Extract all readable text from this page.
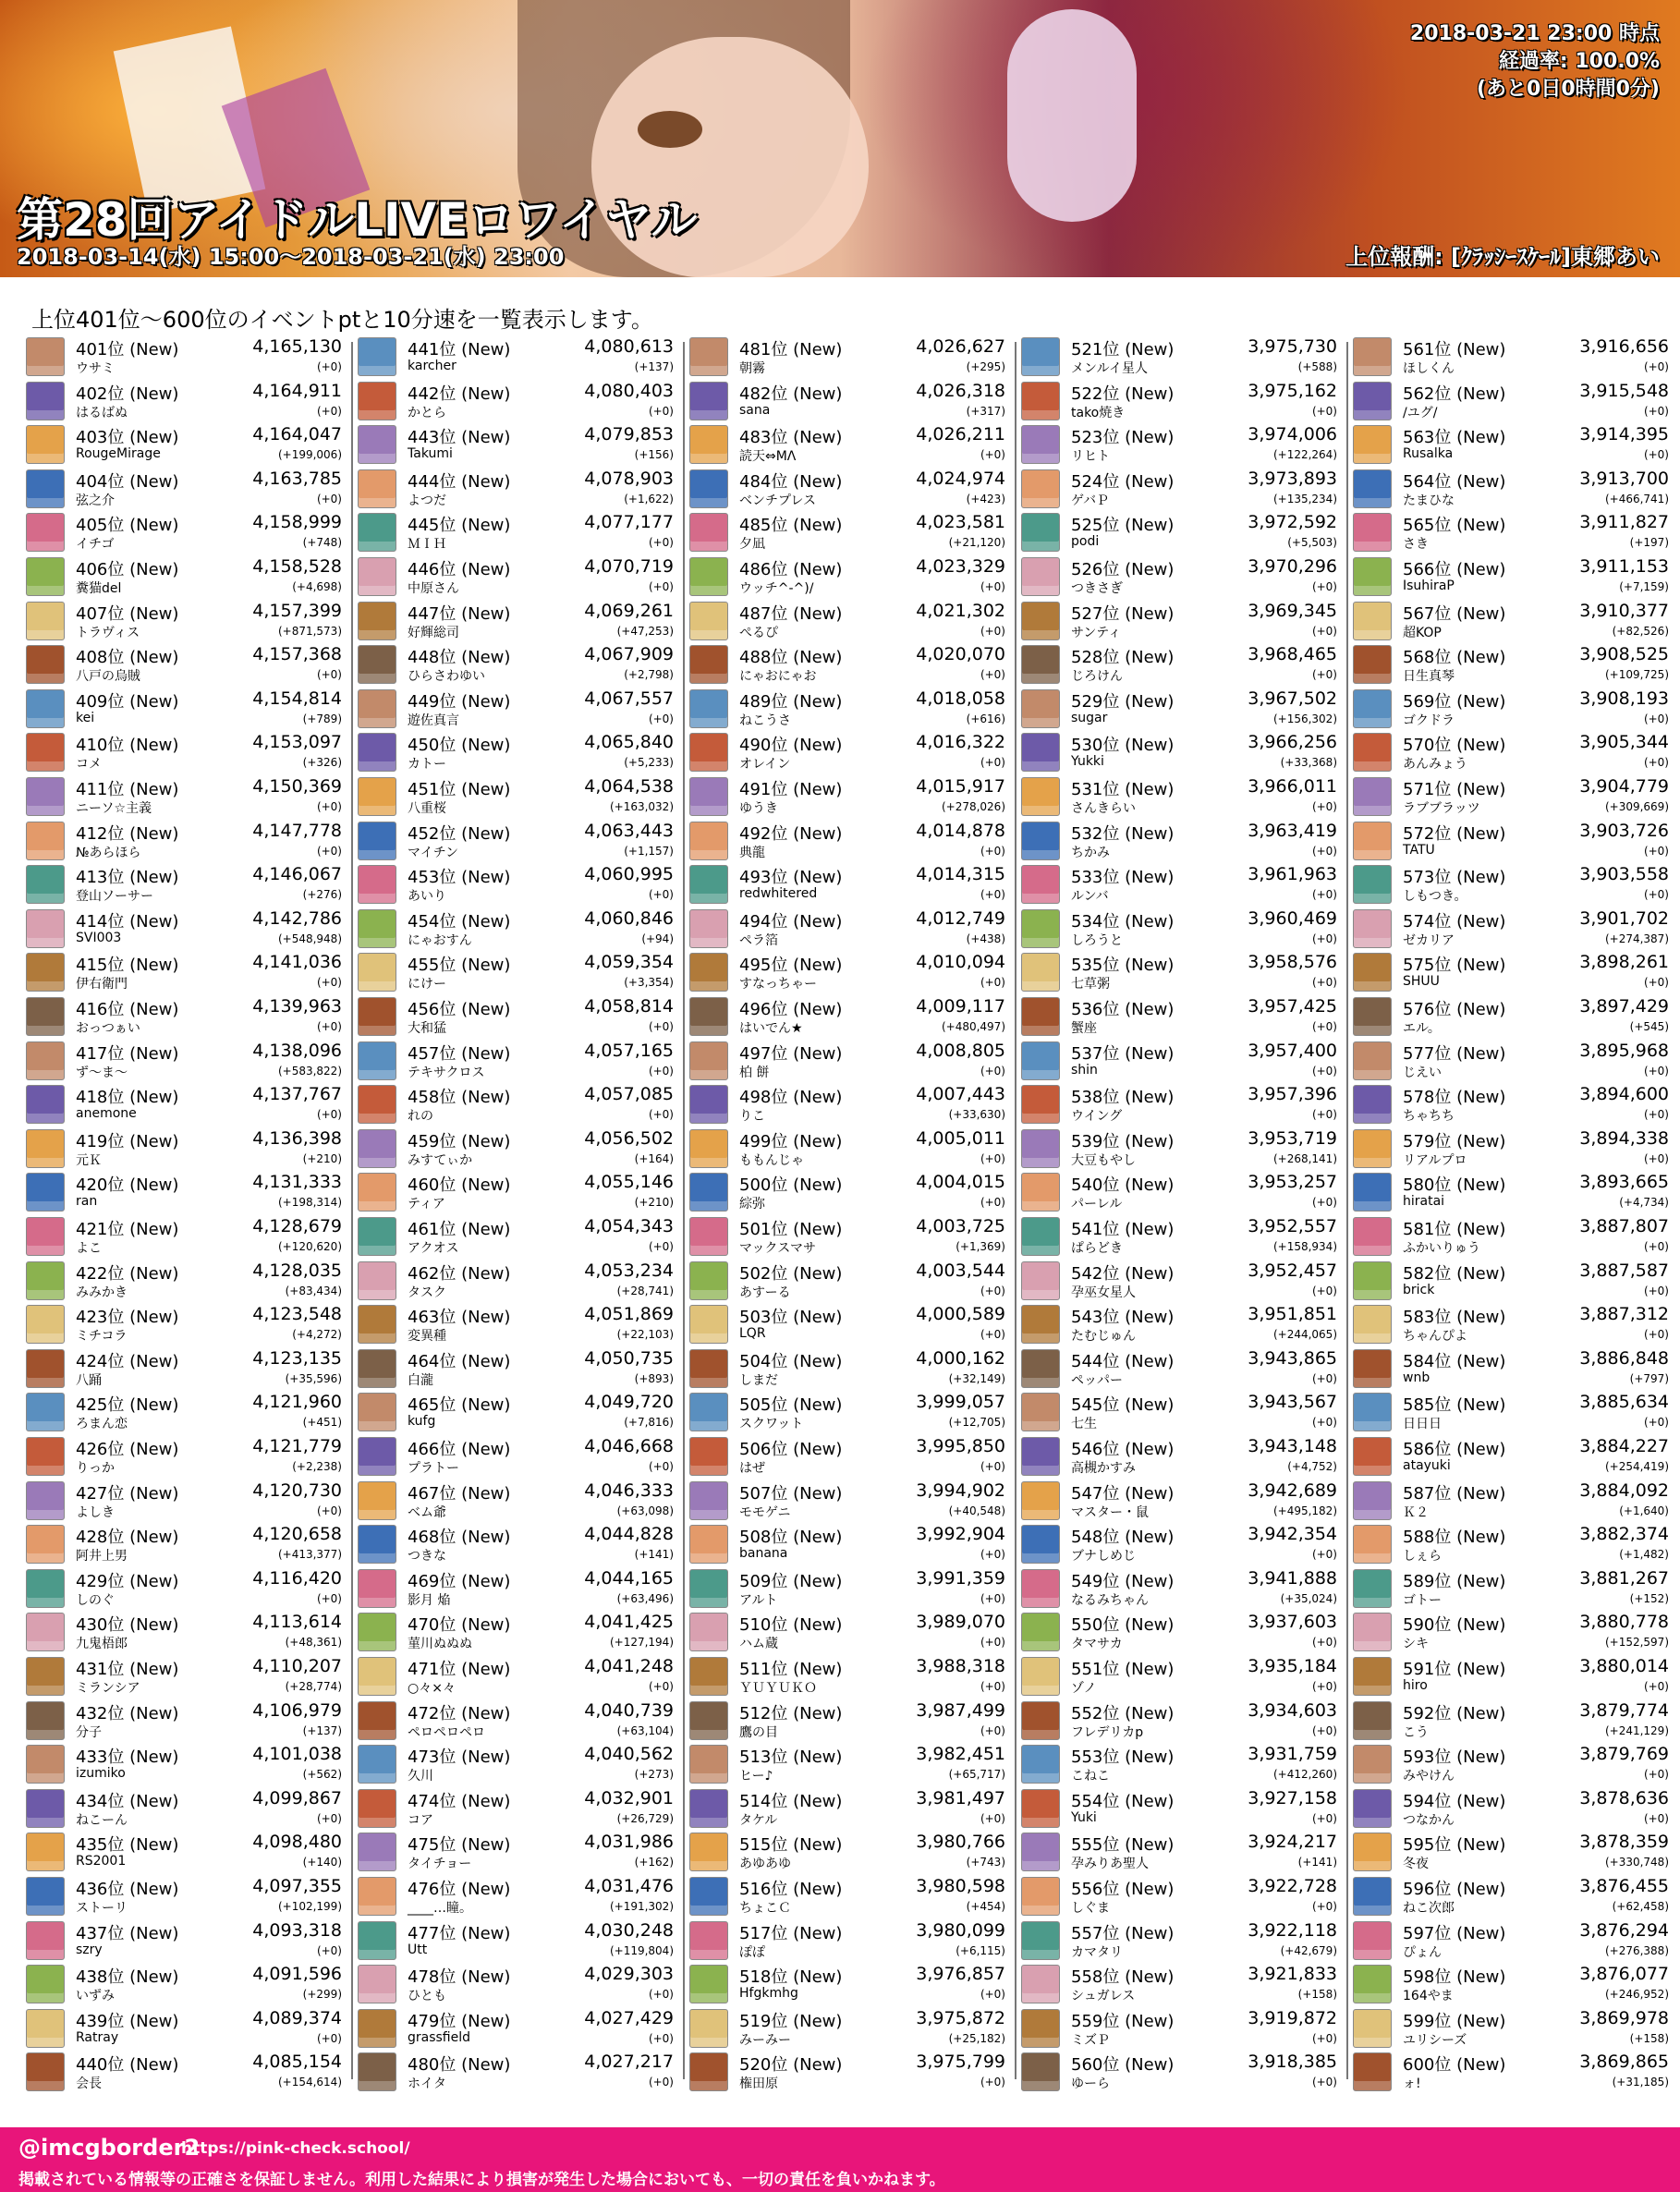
2018-03-21 23:00 時点
経過率: 100.0%
(あと0日0時間0分)
第28回アイドルLIVEロワイヤル
2018-03-14(水) 15:00〜2018-03-21(水) 23:00	上位報酬: [ｸﾗｯｼｰｽｹｰﾙ]東郷あい
上位401位〜600位のイベントptと10分速を一覧表示します。
401位 (New)
ウサミ
4,165,130
(+0)
402位 (New)
はるばぬ
4,164,911
(+0)
403位 (New)
RougeMirage
4,164,047
(+199,006)
404位 (New)
弦之介
4,163,785
(+0)
405位 (New)
イチゴ
4,158,999
(+748)
406位 (New)
糞猫del
4,158,528
(+4,698)
407位 (New)
トラヴィス
4,157,399
(+871,573)
408位 (New)
八戸の烏賊
4,157,368
(+0)
409位 (New)
kei
4,154,814
(+789)
410位 (New)
コメ
4,153,097
(+326)
411位 (New)
ニーソ☆主義
4,150,369
(+0)
412位 (New)
№あらほら
4,147,778
(+0)
413位 (New)
登山ソーサー
4,146,067
(+276)
414位 (New)
SVI003
4,142,786
(+548,948)
415位 (New)
伊右衛門
4,141,036
(+0)
416位 (New)
おっつぁい
4,139,963
(+0)
417位 (New)
ず〜ま〜
4,138,096
(+583,822)
418位 (New)
anemone
4,137,767
(+0)
419位 (New)
元Ｋ
4,136,398
(+210)
420位 (New)
ran
4,131,333
(+198,314)
421位 (New)
よこ
4,128,679
(+120,620)
422位 (New)
みみかき
4,128,035
(+83,434)
423位 (New)
ミチコラ
4,123,548
(+4,272)
424位 (New)
八踊
4,123,135
(+35,596)
425位 (New)
ろまん恋
4,121,960
(+451)
426位 (New)
りっか
4,121,779
(+2,238)
427位 (New)
よしき
4,120,730
(+0)
428位 (New)
阿井上男
4,120,658
(+413,377)
429位 (New)
しのぐ
4,116,420
(+0)
430位 (New)
九鬼梧郎
4,113,614
(+48,361)
431位 (New)
ミランシア
4,110,207
(+28,774)
432位 (New)
分子
4,106,979
(+137)
433位 (New)
izumiko
4,101,038
(+562)
434位 (New)
ねこーん
4,099,867
(+0)
435位 (New)
RS2001
4,098,480
(+140)
436位 (New)
ストーリ
4,097,355
(+102,199)
437位 (New)
szry
4,093,318
(+0)
438位 (New)
いずみ
4,091,596
(+299)
439位 (New)
Ratray
4,089,374
(+0)
440位 (New)
会長
4,085,154
(+154,614)
441位 (New)
karcher
4,080,613
(+137)
442位 (New)
かとら
4,080,403
(+0)
443位 (New)
Takumi
4,079,853
(+156)
444位 (New)
よつだ
4,078,903
(+1,622)
445位 (New)
ＭＩＨ
4,077,177
(+0)
446位 (New)
中原さん
4,070,719
(+0)
447位 (New)
好輝総司
4,069,261
(+47,253)
448位 (New)
ひらさわゆい
4,067,909
(+2,798)
449位 (New)
遊佐真言
4,067,557
(+0)
450位 (New)
カトー
4,065,840
(+5,233)
451位 (New)
八重桜
4,064,538
(+163,032)
452位 (New)
マイチン
4,063,443
(+1,157)
453位 (New)
あいり
4,060,995
(+0)
454位 (New)
にゃおすん
4,060,846
(+94)
455位 (New)
にけー
4,059,354
(+3,354)
456位 (New)
大和猛
4,058,814
(+0)
457位 (New)
テキサクロス
4,057,165
(+0)
458位 (New)
れの
4,057,085
(+0)
459位 (New)
みすてぃか
4,056,502
(+164)
460位 (New)
ティア
4,055,146
(+210)
461位 (New)
アクオス
4,054,343
(+0)
462位 (New)
タスク
4,053,234
(+28,741)
463位 (New)
変異種
4,051,869
(+22,103)
464位 (New)
白瀧
4,050,735
(+893)
465位 (New)
kufg
4,049,720
(+7,816)
466位 (New)
プラトー
4,046,668
(+0)
467位 (New)
ベム爺
4,046,333
(+63,098)
468位 (New)
つきな
4,044,828
(+141)
469位 (New)
影月 焔
4,044,165
(+63,496)
470位 (New)
菫川ぬぬぬ
4,041,425
(+127,194)
471位 (New)
○々×々
4,041,248
(+0)
472位 (New)
ペロペロペロ
4,040,739
(+63,104)
473位 (New)
久川
4,040,562
(+273)
474位 (New)
コア
4,032,901
(+26,729)
475位 (New)
タイチョー
4,031,986
(+162)
476位 (New)
____…瞳。
4,031,476
(+191,302)
477位 (New)
Utt
4,030,248
(+119,804)
478位 (New)
ひとも
4,029,303
(+0)
479位 (New)
grassfield
4,027,429
(+0)
480位 (New)
ホイタ
4,027,217
(+0)
481位 (New)
朝霧
4,026,627
(+295)
482位 (New)
sana
4,026,318
(+317)
483位 (New)
読天⇔MΛ
4,026,211
(+0)
484位 (New)
ベンチプレス
4,024,974
(+423)
485位 (New)
夕凪
4,023,581
(+21,120)
486位 (New)
ウッチ^-^)/
4,023,329
(+0)
487位 (New)
ぺるぴ
4,021,302
(+0)
488位 (New)
にゃおにゃお
4,020,070
(+0)
489位 (New)
ねこうさ
4,018,058
(+616)
490位 (New)
オレイン
4,016,322
(+0)
491位 (New)
ゆうき
4,015,917
(+278,026)
492位 (New)
典龍
4,014,878
(+0)
493位 (New)
redwhitered
4,014,315
(+0)
494位 (New)
ペラ箔
4,012,749
(+438)
495位 (New)
すなっちゃー
4,010,094
(+0)
496位 (New)
はいでん★
4,009,117
(+480,497)
497位 (New)
柏 餅
4,008,805
(+0)
498位 (New)
りこ
4,007,443
(+33,630)
499位 (New)
ももんじゃ
4,005,011
(+0)
500位 (New)
綜弥
4,004,015
(+0)
501位 (New)
マックスマサ
4,003,725
(+1,369)
502位 (New)
あすーる
4,003,544
(+0)
503位 (New)
LQR
4,000,589
(+0)
504位 (New)
しまだ
4,000,162
(+32,149)
505位 (New)
スクワット
3,999,057
(+12,705)
506位 (New)
はぜ
3,995,850
(+0)
507位 (New)
モモゲニ
3,994,902
(+40,548)
508位 (New)
banana
3,992,904
(+0)
509位 (New)
アルト
3,991,359
(+0)
510位 (New)
ハム蔵
3,989,070
(+0)
511位 (New)
ＹＵＹＵＫＯ
3,988,318
(+0)
512位 (New)
鷹の目
3,987,499
(+0)
513位 (New)
ヒー♪
3,982,451
(+65,717)
514位 (New)
タケル
3,981,497
(+0)
515位 (New)
あゆあゆ
3,980,766
(+743)
516位 (New)
ちょこＣ
3,980,598
(+454)
517位 (New)
ぽぽ
3,980,099
(+6,115)
518位 (New)
Hfgkmhg
3,976,857
(+0)
519位 (New)
みーみー
3,975,872
(+25,182)
520位 (New)
権田原
3,975,799
(+0)
521位 (New)
メンルイ星人
3,975,730
(+588)
522位 (New)
tako焼き
3,975,162
(+0)
523位 (New)
リヒト
3,974,006
(+122,264)
524位 (New)
ゲバＰ
3,973,893
(+135,234)
525位 (New)
podi
3,972,592
(+5,503)
526位 (New)
つきさぎ
3,970,296
(+0)
527位 (New)
サンティ
3,969,345
(+0)
528位 (New)
じろけん
3,968,465
(+0)
529位 (New)
sugar
3,967,502
(+156,302)
530位 (New)
Yukki
3,966,256
(+33,368)
531位 (New)
さんきらい
3,966,011
(+0)
532位 (New)
ちかみ
3,963,419
(+0)
533位 (New)
ルンバ
3,961,963
(+0)
534位 (New)
しろうと
3,960,469
(+0)
535位 (New)
七草粥
3,958,576
(+0)
536位 (New)
蟹座
3,957,425
(+0)
537位 (New)
shin
3,957,400
(+0)
538位 (New)
ウイング
3,957,396
(+0)
539位 (New)
大豆もやし
3,953,719
(+268,141)
540位 (New)
パーレル
3,953,257
(+0)
541位 (New)
ぱらどき
3,952,557
(+158,934)
542位 (New)
孕巫女星人
3,952,457
(+0)
543位 (New)
たむじゅん
3,951,851
(+244,065)
544位 (New)
ペッパー
3,943,865
(+0)
545位 (New)
七生
3,943,567
(+0)
546位 (New)
高槻かすみ
3,943,148
(+4,752)
547位 (New)
マスター・鼠
3,942,689
(+495,182)
548位 (New)
ブナしめじ
3,942,354
(+0)
549位 (New)
なるみちゃん
3,941,888
(+35,024)
550位 (New)
タマサカ
3,937,603
(+0)
551位 (New)
ゾノ
3,935,184
(+0)
552位 (New)
フレデリカp
3,934,603
(+0)
553位 (New)
こねこ
3,931,759
(+412,260)
554位 (New)
Yuki
3,927,158
(+0)
555位 (New)
孕みりあ聖人
3,924,217
(+141)
556位 (New)
しぐま
3,922,728
(+0)
557位 (New)
カマタリ
3,922,118
(+42,679)
558位 (New)
シュガレス
3,921,833
(+158)
559位 (New)
ミズＰ
3,919,872
(+0)
560位 (New)
ゆーら
3,918,385
(+0)
561位 (New)
ほしくん
3,916,656
(+0)
562位 (New)
/ユグ/
3,915,548
(+0)
563位 (New)
Rusalka
3,914,395
(+0)
564位 (New)
たまひな
3,913,700
(+466,741)
565位 (New)
さき
3,911,827
(+197)
566位 (New)
IsuhiraP
3,911,153
(+7,159)
567位 (New)
超KOP
3,910,377
(+82,526)
568位 (New)
日生真琴
3,908,525
(+109,725)
569位 (New)
ゴクドラ
3,908,193
(+0)
570位 (New)
あんみょう
3,905,344
(+0)
571位 (New)
ラブブラッツ
3,904,779
(+309,669)
572位 (New)
TATU
3,903,726
(+0)
573位 (New)
しもつき。
3,903,558
(+0)
574位 (New)
ゼカリア
3,901,702
(+274,387)
575位 (New)
SHUU
3,898,261
(+0)
576位 (New)
エル。
3,897,429
(+545)
577位 (New)
じえい
3,895,968
(+0)
578位 (New)
ちゃちち
3,894,600
(+0)
579位 (New)
リアルプロ
3,894,338
(+0)
580位 (New)
hiratai
3,893,665
(+4,734)
581位 (New)
ふかいりゅう
3,887,807
(+0)
582位 (New)
brick
3,887,587
(+0)
583位 (New)
ちゃんぴよ
3,887,312
(+0)
584位 (New)
wnb
3,886,848
(+797)
585位 (New)
日日日
3,885,634
(+0)
586位 (New)
atayuki
3,884,227
(+254,419)
587位 (New)
Ｋ２
3,884,092
(+1,640)
588位 (New)
しぇら
3,882,374
(+1,482)
589位 (New)
ゴトー
3,881,267
(+152)
590位 (New)
シキ
3,880,778
(+152,597)
591位 (New)
hiro
3,880,014
(+0)
592位 (New)
こう
3,879,774
(+241,129)
593位 (New)
みやけん
3,879,769
(+0)
594位 (New)
つなかん
3,878,636
(+0)
595位 (New)
冬夜
3,878,359
(+330,748)
596位 (New)
ねこ次郎
3,876,455
(+62,458)
597位 (New)
ぴょん
3,876,294
(+276,388)
598位 (New)
164やま
3,876,077
(+246,952)
599位 (New)
ユリシーズ
3,869,978
(+158)
600位 (New)
ォ!
3,869,865
(+31,185)
@imcgborder2
https://pink-check.school/
掲載されている情報等の正確さを保証しません。利用した結果により損害が発生した場合においても、一切の責任を負いかねます。
